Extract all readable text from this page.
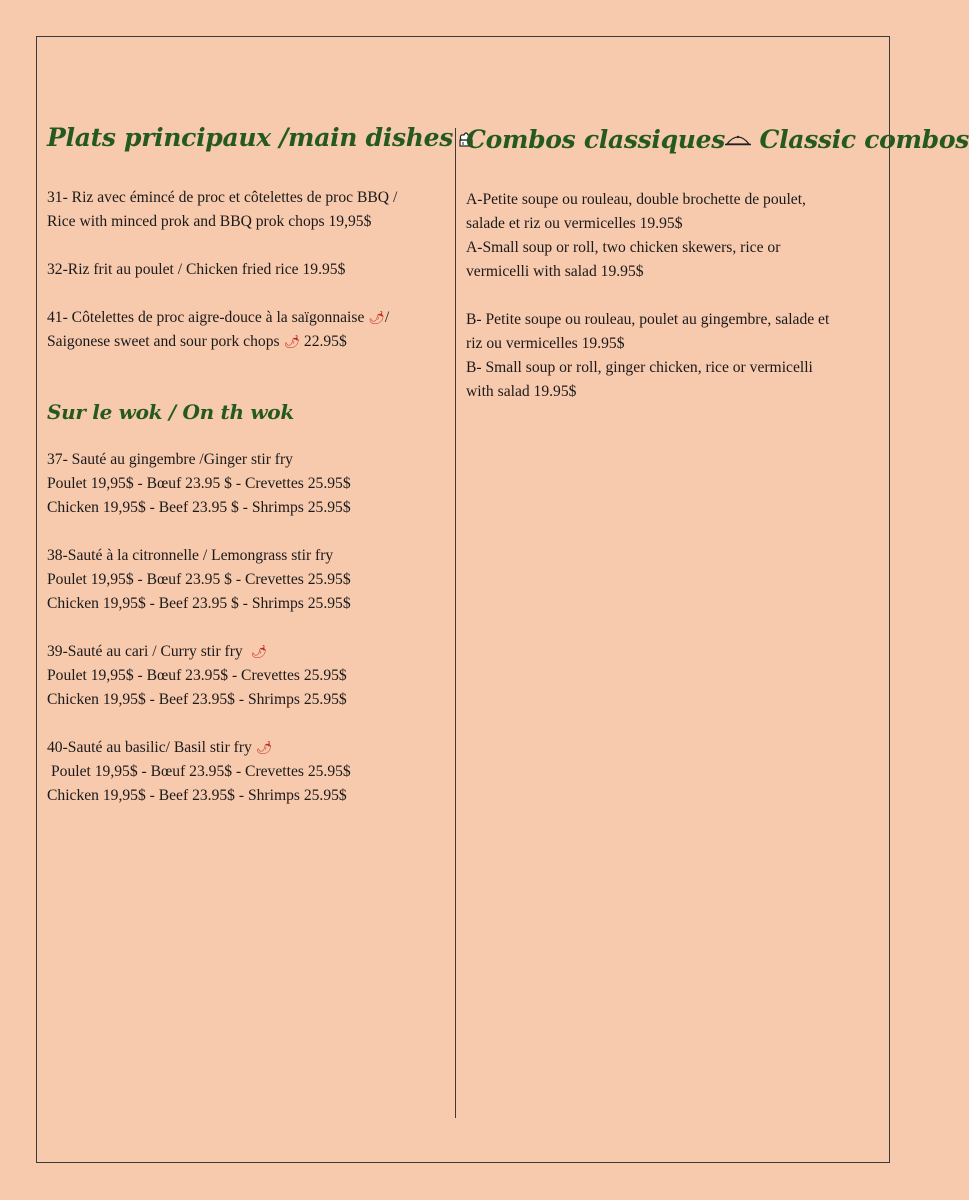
Plats principaux /main dishes
31- Riz avec émincé de proc et côtelettes de proc BBQ /
Rice with minced prok and BBQ prok chops 19,95$
32-Riz frit au poulet / Chicken fried rice 19.95$
41- Côtelettes de proc aigre-douce à la saïgonnaise 🌶/
Saigonese sweet and sour pork chops 🌶 22.95$
Sur le wok / On th wok
37- Sauté au gingembre /Ginger stir fry
Poulet 19,95$ - Bœuf 23.95 $ - Crevettes 25.95$
Chicken 19,95$ - Beef 23.95 $ - Shrimps 25.95$
38-Sauté à la citronnelle / Lemongrass stir fry
Poulet 19,95$ - Bœuf 23.95 $ - Crevettes 25.95$
Chicken 19,95$ - Beef 23.95 $ - Shrimps 25.95$
39-Sauté au cari / Curry stir fry 🌶
Poulet 19,95$ - Bœuf 23.95$ - Crevettes 25.95$
Chicken 19,95$ - Beef 23.95$ - Shrimps 25.95$
40-Sauté au basilic/ Basil stir fry 🌶
Poulet 19,95$ - Bœuf 23.95$ - Crevettes 25.95$
Chicken 19,95$ - Beef 23.95$ - Shrimps 25.95$
Combos classiques Classic combos
A-Petite soupe ou rouleau, double brochette de poulet,
salade et riz ou vermicelles 19.95$
A-Small soup or roll, two chicken skewers, rice or
vermicelli with salad 19.95$
B- Petite soupe ou rouleau, poulet au gingembre, salade et
riz ou vermicelles 19.95$
B- Small soup or roll, ginger chicken, rice or vermicelli
with salad 19.95$
